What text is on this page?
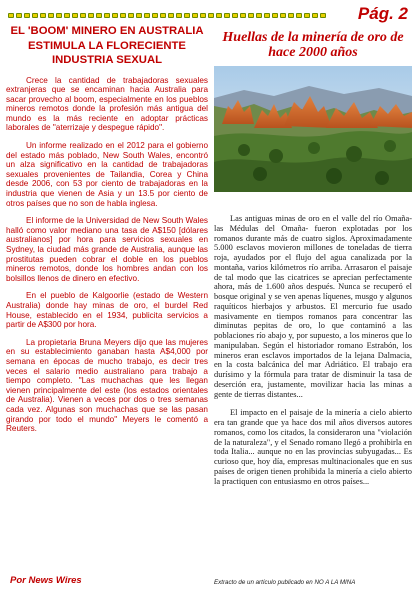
Pág. 2
EL 'BOOM' MINERO EN AUSTRALIA ESTIMULA LA FLORECIENTE INDUSTRIA SEXUAL

Crece la cantidad de trabajadoras sexuales extranjeras que se encaminan hacia Australia para sacar provecho al boom, especialmente en los pueblos mineros remotos donde la profesión más antigua del mundo es la más reciente en adoptar prácticas laborales de "aterrizaje y despegue rápido".

Un informe realizado en el 2012 para el gobierno del estado más poblado, New South Wales, encontró un alza significativo en la cantidad de trabajadoras sexuales provenientes de Tailandia, Corea y China desde 2006, con 53 por ciento de trabajadoras en la industria que vienen de Asia y un 13.5 por ciento de otros países que no son de habla inglesa.

El informe de la Universidad de New South Wales halló como valor mediano una tasa de A$150 [dólares australianos] por hora para servicios sexuales en Sydney, la ciudad más grande de Australia, aunque las prostitutas pueden cobrar el doble en los pueblos mineros remotos, donde los hombres andan con los bolsillos llenos de dinero en efectivo.

En el pueblo de Kalgoorlie (estado de Western Australia) donde hay minas de oro, el burdel Red House, establecido en el 1934, publicita servicios a partir de A$300 por hora.

La propietaria Bruna Meyers dijo que las mujeres en su establecimiento ganaban hasta A$4,000 por semana en épocas de mucho trabajo, es decir tres veces el salario medio australiano para trabajo a tiempo completo. "Las muchachas que les llegan vienen principalmente del este (los estados orientales de Australia). Vienen a veces por dos o tres semanas cada vez. Algunas son muchachas que se las pasan girando por todo el mundo" Meyers le comentó a Reuters.

Por News Wires
Huellas de la minería de oro de hace 2000 años

Las antiguas minas de oro en el valle del río Omaña-las Médulas del Omaña- fueron explotadas por los romanos durante más de cuatro siglos. Aproximadamente 5.000 esclavos movieron millones de toneladas de tierra roja, ayudados por el flujo del agua canalizada por la montaña, varios kilómetros río arriba. Arrasaron el paisaje de tal modo que las cicatrices se aprecian perfectamente ahora, más de 1.600 años después. Nunca se recuperó el bosque original y se ven apenas líquenes, musgo y algunos raquíticos hierbajos y arbustos. El mercurio fue usado masivamente en tiempos romanos para concentrar las diminutas pepitas de oro, lo que contaminó a las poblaciones río abajo y, por supuesto, a los mineros que lo manipulaban. Según el historiador romano Estrabón, los mineros eran esclavos importados de la lejana Dalmacia, en la costa balcánica del mar Adriático. El trabajo era durísimo y la fórmula para tratar de disminuir la tasa de deserción era, justamente, movilizar hacia las minas a gente de tierras distantes...

El impacto en el paisaje de la minería a cielo abierto era tan grande que ya hace dos mil años diversos autores romanos, como los citados, la consideraron una "violación de la naturaleza", y el Senado romano llegó a prohibirla en toda Italia... aunque no en las provincias subyugadas... Es curioso que, hoy día, empresas multinacionales que en sus países de origen tienen prohibida la minería a cielo abierto la practiquen con entusiasmo en otros países...

Extracto de un artículo publicado en NO A LA MINA
